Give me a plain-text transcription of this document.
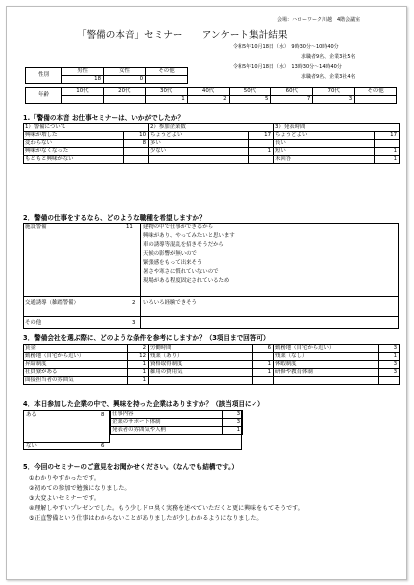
会場：ハローワーク川越　4階会議室
「警備の本音」セミナー　　アンケート集計結果
令和5年10月18日（水）　9時30分～10時40分
求職者9名、企業3社5名
令和5年10月18日（水）　13時30分～14時40分
求職者9名、企業3社4名
性別	男性	女性	その他
	18	0	
年齢	10代	20代	30代	40代	50代	60代	70代	その他
			1	2	5	7	3	
1.「警備の本音 お仕事セミナーは、いかがでしたか？
1）警備について		2）参加企業数		3）発表時間	
興味が増した	10	ちょうどよい	17	ちょうどよい	17
変わらない	8	多い		長い	
興味がなくなった		少ない	1	短い	1
もともと興味がない				未回答	1
2．警備の仕事をするなら、どのような職種を希望しますか？
施設警備	11 建物の中で仕事ができるから
興味があり、やってみたいと思います
車の誘導等混乱を招きそうだから
天候の影響が無いので
緊張感をもって出来そう
暑さや寒さに慣れていないので
現場がある程度固定されているため
交通誘導（雑踏警備）	2 いろいろ経験できそう
その他	3
3．警備会社を選ぶ際に、どのような条件を参考にしますか？（3項目まで回答可）
賞金	2	労働時間	6	勤務地（自宅から近い）	3
勤務地（自宅から近い）	12	残業（あり）		残業（なし）	1
昇給制度	1	資格取得制度	1	休暇制度	3
社員寮がある	1	雑用の費用気	1	研修や教育体制	3
面接担当者の雰囲気	1				
4．本日参加した企業の中で、興味を持った企業はありますか？（該当項目に✓）
ある	8
ない	6
仕事内容	3
企業のサポート体制	3
発表者の雰囲気や人柄	1
5．今回のセミナーのご意見をお聞かせください。（なんでも結構です。）
①わかりやすかったです。
②初めての参加で勉強になりました。
③大変よいセミナーです。
④理解しやすいプレゼンでした。もう少しドロ臭く実務を述べていただくと更に興味をもてそうです。
⑤正直警備という仕事はわからないことがありましたが少しわかるようになりました。
